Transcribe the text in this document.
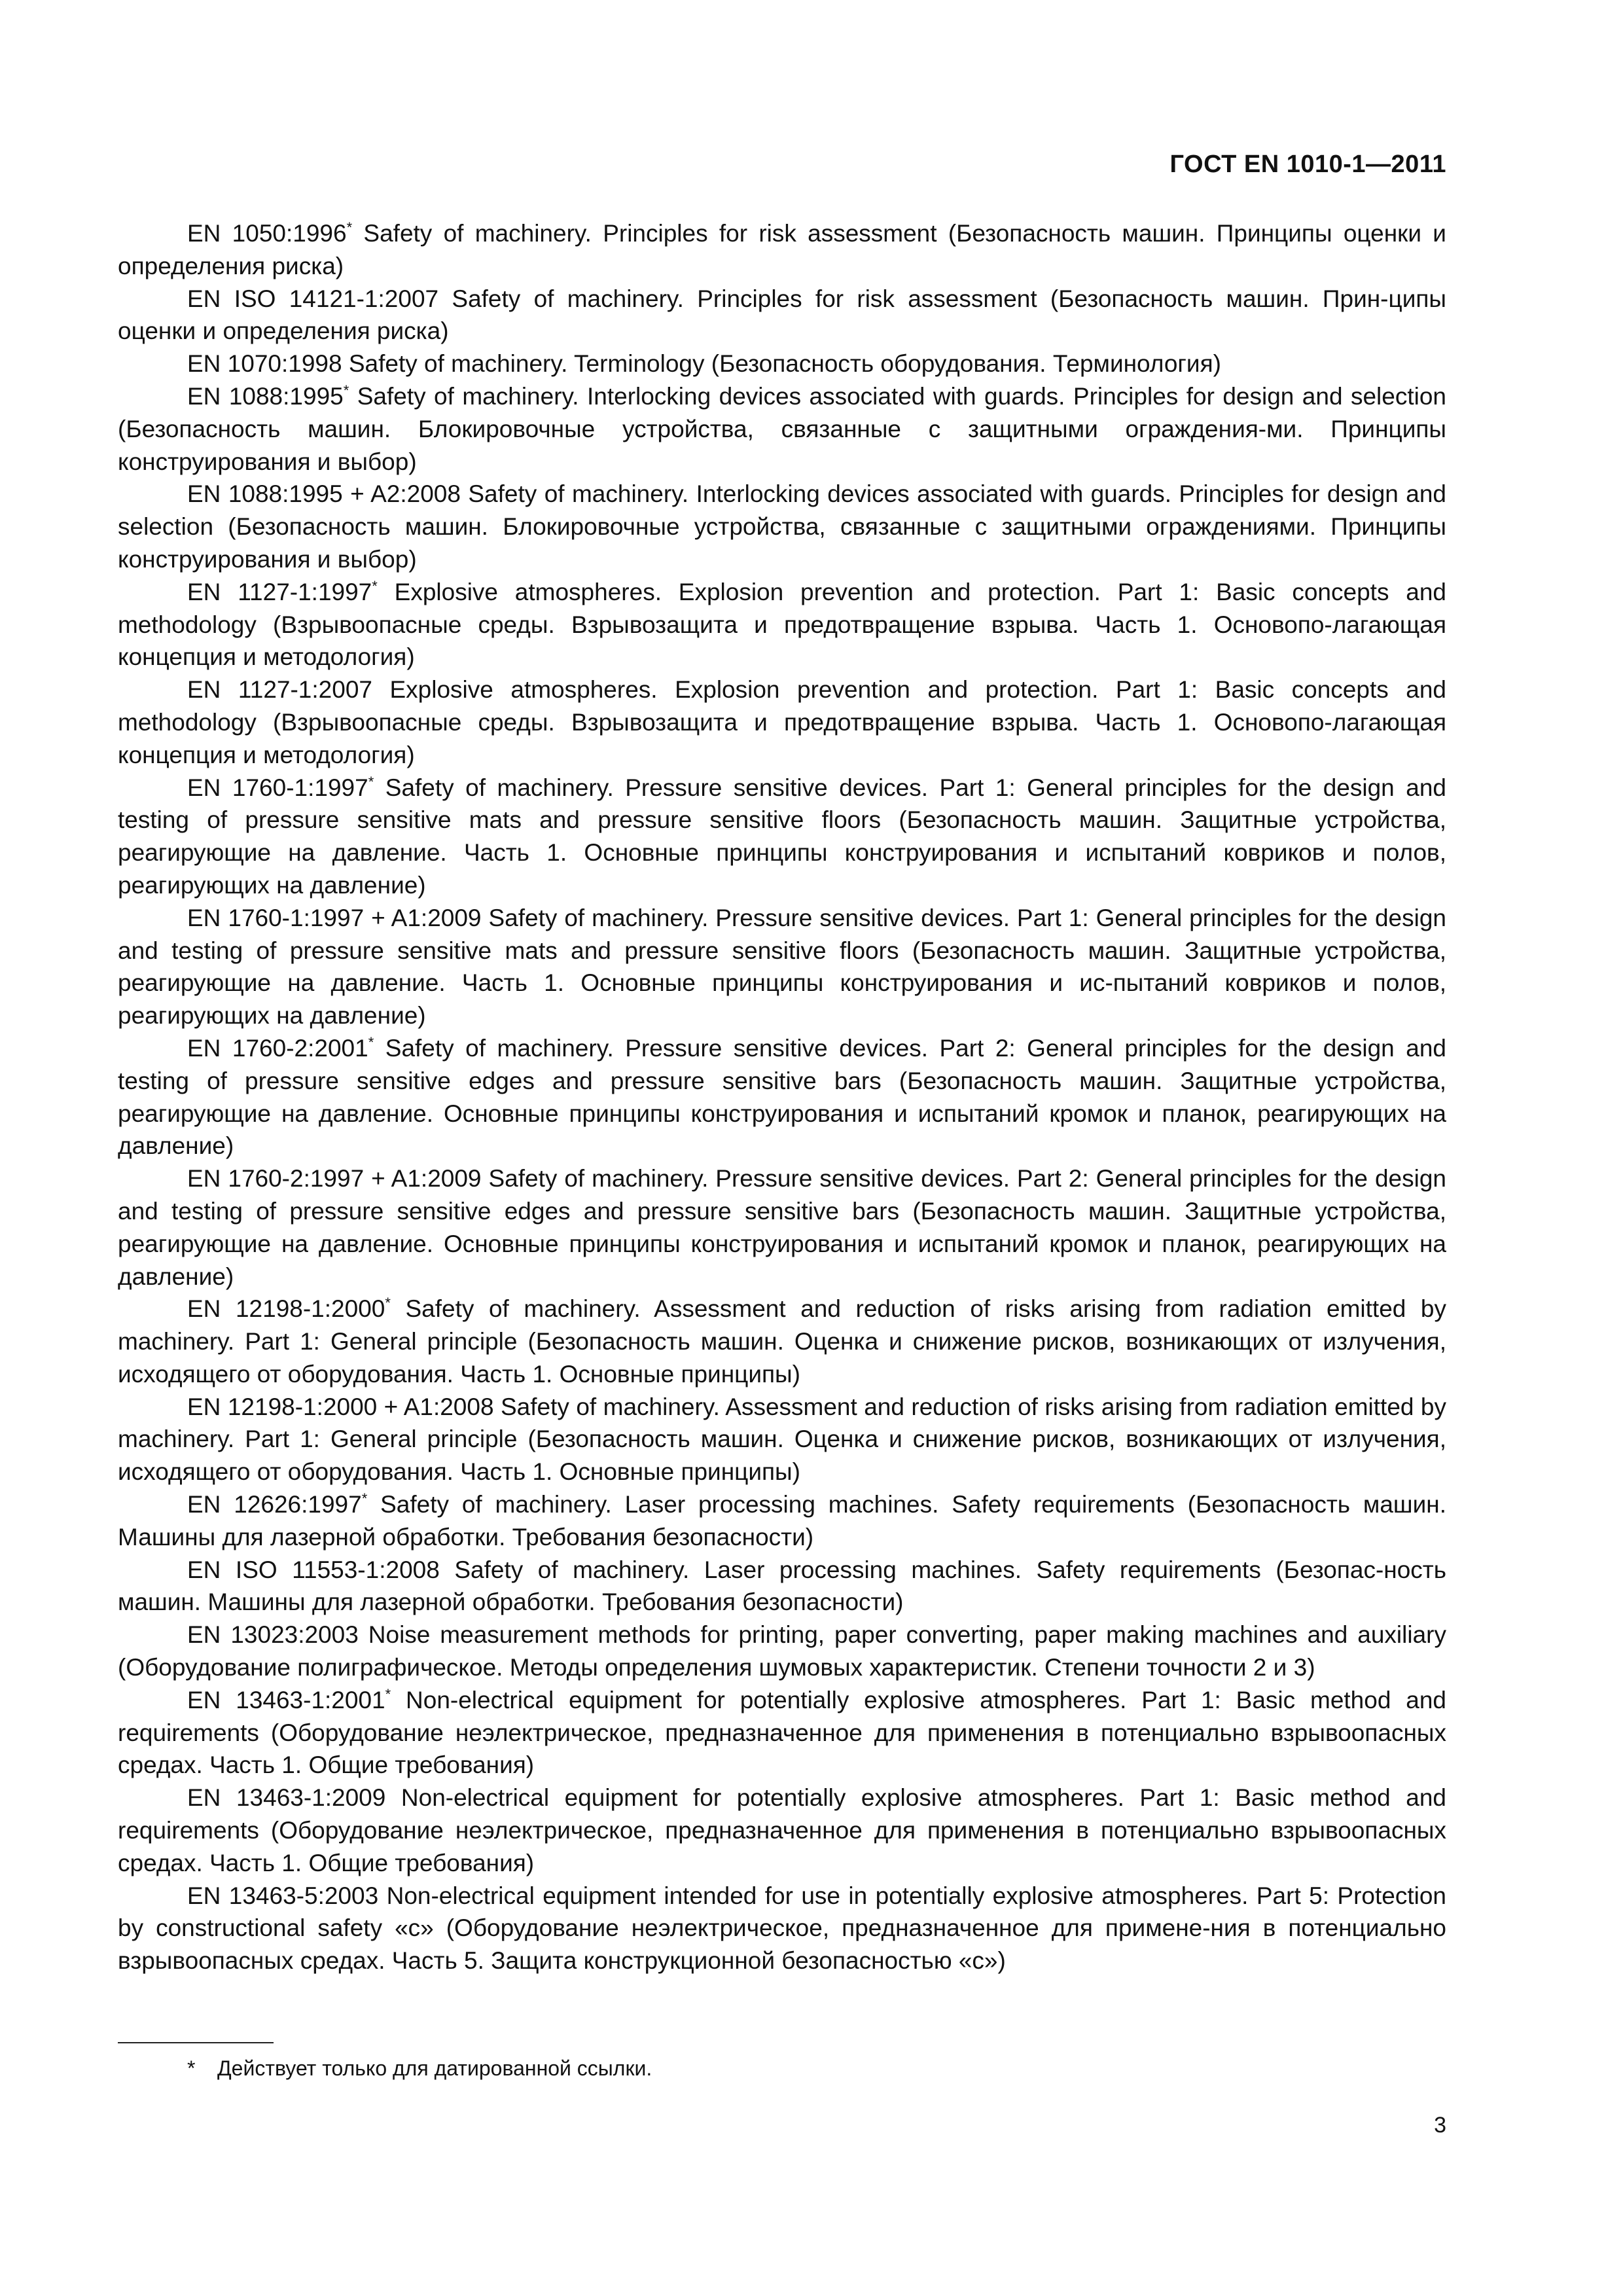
ГОСТ EN 1010-1—2011

EN 1050:1996* Safety of machinery. Principles for risk assessment (Безопасность машин. Принципы оценки и определения риска)

EN ISO 14121-1:2007 Safety of machinery. Principles for risk assessment (Безопасность машин. Прин-ципы оценки и определения риска)

EN 1070:1998 Safety of machinery. Terminology (Безопасность оборудования. Терминология)

EN 1088:1995* Safety of machinery. Interlocking devices associated with guards. Principles for design and selection (Безопасность машин. Блокировочные устройства, связанные с защитными ограждения-ми. Принципы конструирования и выбор)

EN 1088:1995 + A2:2008 Safety of machinery. Interlocking devices associated with guards. Principles for design and selection (Безопасность машин. Блокировочные устройства, связанные с защитными ограждениями. Принципы конструирования и выбор)

EN 1127-1:1997* Explosive atmospheres. Explosion prevention and protection. Part 1: Basic concepts and methodology (Взрывоопасные среды. Взрывозащита и предотвращение взрыва. Часть 1. Основопо-лагающая концепция и методология)

EN 1127-1:2007 Explosive atmospheres. Explosion prevention and protection. Part 1: Basic concepts and methodology (Взрывоопасные среды. Взрывозащита и предотвращение взрыва. Часть 1. Основопо-лагающая концепция и методология)

EN 1760-1:1997* Safety of machinery. Pressure sensitive devices. Part 1: General principles for the design and testing of pressure sensitive mats and pressure sensitive floors (Безопасность машин. Защитные устройства, реагирующие на давление. Часть 1. Основные принципы конструирования и испытаний ковриков и полов, реагирующих на давление)

EN 1760-1:1997 + A1:2009 Safety of machinery. Pressure sensitive devices. Part 1: General principles for the design and testing of pressure sensitive mats and pressure sensitive floors (Безопасность машин. Защитные устройства, реагирующие на давление. Часть 1. Основные принципы конструирования и ис-пытаний ковриков и полов, реагирующих на давление)

EN 1760-2:2001* Safety of machinery. Pressure sensitive devices. Part 2: General principles for the design and testing of pressure sensitive edges and pressure sensitive bars (Безопасность машин. Защитные устройства, реагирующие на давление. Основные принципы конструирования и испытаний кромок и планок, реагирующих на давление)

EN 1760-2:1997 + A1:2009 Safety of machinery. Pressure sensitive devices. Part 2: General principles for the design and testing of pressure sensitive edges and pressure sensitive bars (Безопасность машин. Защитные устройства, реагирующие на давление. Основные принципы конструирования и испытаний кромок и планок, реагирующих на давление)

EN 12198-1:2000* Safety of machinery. Assessment and reduction of risks arising from radiation emitted by machinery. Part 1: General principle (Безопасность машин. Оценка и снижение рисков, возникающих от излучения, исходящего от оборудования. Часть 1. Основные принципы)

EN 12198-1:2000 + A1:2008 Safety of machinery. Assessment and reduction of risks arising from radiation emitted by machinery. Part 1: General principle (Безопасность машин. Оценка и снижение рисков, возникающих от излучения, исходящего от оборудования. Часть 1. Основные принципы)

EN 12626:1997* Safety of machinery. Laser processing machines. Safety requirements (Безопасность машин. Машины для лазерной обработки. Требования безопасности)

EN ISO 11553-1:2008 Safety of machinery. Laser processing machines. Safety requirements (Безопас-ность машин. Машины для лазерной обработки. Требования безопасности)

EN 13023:2003 Noise measurement methods for printing, paper converting, paper making machines and auxiliary (Оборудование полиграфическое. Методы определения шумовых характеристик. Степени точности 2 и 3)

EN 13463-1:2001* Non-electrical equipment for potentially explosive atmospheres. Part 1: Basic method and requirements (Оборудование неэлектрическое, предназначенное для применения в потенциально взрывоопасных средах. Часть 1. Общие требования)

EN 13463-1:2009 Non-electrical equipment for potentially explosive atmospheres. Part 1: Basic method and requirements (Оборудование неэлектрическое, предназначенное для применения в потенциально взрывоопасных средах. Часть 1. Общие требования)

EN 13463-5:2003 Non-electrical equipment intended for use in potentially explosive atmospheres. Part 5: Protection by constructional safety «c» (Оборудование неэлектрическое, предназначенное для примене-ния в потенциально взрывоопасных средах. Часть 5. Защита конструкционной безопасностью «c»)

* Действует только для датированной ссылки.
3
